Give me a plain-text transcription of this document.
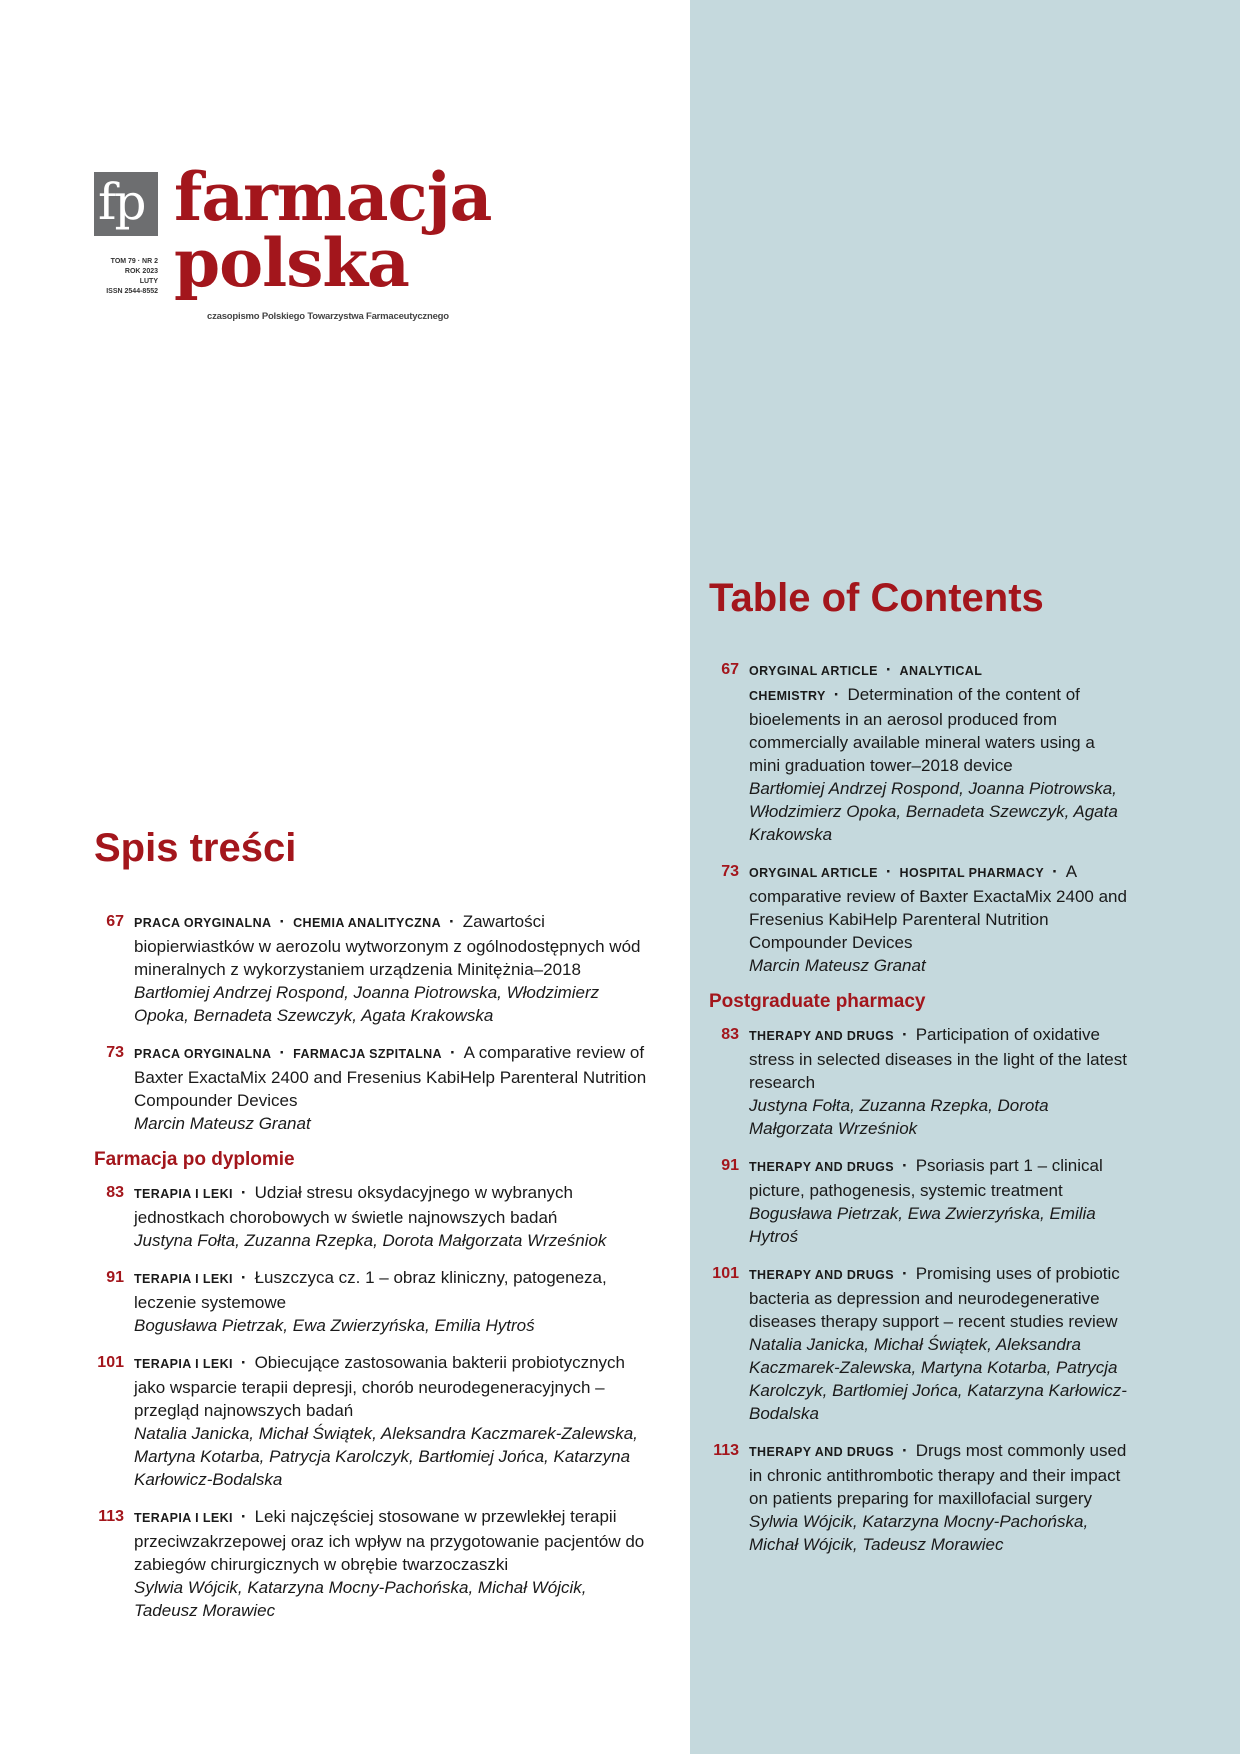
fp farmacja
polska
TOM 79 · NR 2
ROK 2023
LUTY
ISSN 2544-8552
czasopismo Polskiego Towarzystwa Farmaceutycznego
Spis treści
67 PRACA ORYGINALNA · CHEMIA ANALITYCZNA · Zawartości biopierwiastków w aerozolu wytworzonym z ogólnodostępnych wód mineralnych z wykorzystaniem urządzenia Minitężnia–2018
Bartłomiej Andrzej Rospond, Joanna Piotrowska, Włodzimierz Opoka, Bernadeta Szewczyk, Agata Krakowska
73 PRACA ORYGINALNA · FARMACJA SZPITALNA · A comparative review of Baxter ExactaMix 2400 and Fresenius KabiHelp Parenteral Nutrition Compounder Devices
Marcin Mateusz Granat
Farmacja po dyplomie
83 TERAPIA I LEKI · Udział stresu oksydacyjnego w wybranych jednostkach chorobowych w świetle najnowszych badań
Justyna Fołta, Zuzanna Rzepka, Dorota Małgorzata Wrześniok
91 TERAPIA I LEKI · Łuszczyca cz. 1 – obraz kliniczny, patogeneza, leczenie systemowe
Bogusława Pietrzak, Ewa Zwierzyńska, Emilia Hytroś
101 TERAPIA I LEKI · Obiecujące zastosowania bakterii probiotycznych jako wsparcie terapii depresji, chorób neurodegeneracyjnych – przegląd najnowszych badań
Natalia Janicka, Michał Świątek, Aleksandra Kaczmarek-Zalewska, Martyna Kotarba, Patrycja Karolczyk, Bartłomiej Jońca, Katarzyna Karłowicz-Bodalska
113 TERAPIA I LEKI · Leki najczęściej stosowane w przewlekłej terapii przeciwzakrzepowej oraz ich wpływ na przygotowanie pacjentów do zabiegów chirurgicznych w obrębie twarzoczaszki
Sylwia Wójcik, Katarzyna Mocny-Pachońska, Michał Wójcik, Tadeusz Morawiec
Table of Contents
67 ORYGINAL ARTICLE · ANALYTICAL CHEMISTRY · Determination of the content of bioelements in an aerosol produced from commercially available mineral waters using a mini graduation tower–2018 device
Bartłomiej Andrzej Rospond, Joanna Piotrowska, Włodzimierz Opoka, Bernadeta Szewczyk, Agata Krakowska
73 ORYGINAL ARTICLE · HOSPITAL PHARMACY · A comparative review of Baxter ExactaMix 2400 and Fresenius KabiHelp Parenteral Nutrition Compounder Devices
Marcin Mateusz Granat
Postgraduate pharmacy
83 THERAPY AND DRUGS · Participation of oxidative stress in selected diseases in the light of the latest research
Justyna Fołta, Zuzanna Rzepka, Dorota Małgorzata Wrześniok
91 THERAPY AND DRUGS · Psoriasis part 1 – clinical picture, pathogenesis, systemic treatment
Bogusława Pietrzak, Ewa Zwierzyńska, Emilia Hytroś
101 THERAPY AND DRUGS · Promising uses of probiotic bacteria as depression and neurodegenerative diseases therapy support – recent studies review
Natalia Janicka, Michał Świątek, Aleksandra Kaczmarek-Zalewska, Martyna Kotarba, Patrycja Karolczyk, Bartłomiej Jońca, Katarzyna Karłowicz-Bodalska
113 THERAPY AND DRUGS · Drugs most commonly used in chronic antithrombotic therapy and their impact on patients preparing for maxillofacial surgery
Sylwia Wójcik, Katarzyna Mocny-Pachońska, Michał Wójcik, Tadeusz Morawiec
